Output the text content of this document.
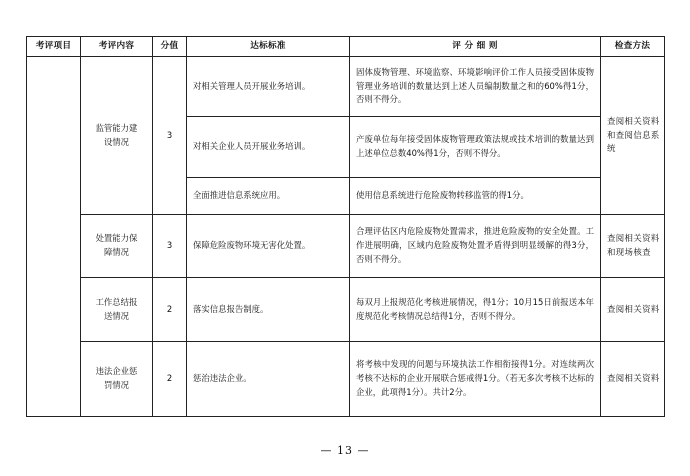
考评项目	考评内容	分值	达标标准	评 分 细 则	检查方法
	监管能力建设情况	3	对相关管理人员开展业务培训。	固体废物管理、环境监察、环境影响评价工作人员接受固体废物管理业务培训的数量达到上述人员编制数量之和的60%得1分，否则不得分。	查阅相关资料和查阅信息系统
			对相关企业人员开展业务培训。	产废单位每年接受固体废物管理政策法规或技术培训的数量达到上述单位总数40%得1分，否则不得分。	
			全面推进信息系统应用。	使用信息系统进行危险废物转移监管的得1分。	
	处置能力保障情况	3	保障危险废物环境无害化处置。	合理评估区内危险废物处置需求，推进危险废物的安全处置。工作进展明确，区域内危险废物处置矛盾得到明显缓解的得3分，否则不得分。	查阅相关资料和现场核查
	工作总结报送情况	2	落实信息报告制度。	每双月上报规范化考核进展情况，得1分；10月15日前报送本年度规范化考核情况总结得1分，否则不得分。	查阅相关资料
	违法企业惩罚情况	2	惩治违法企业。	将考核中发现的问题与环境执法工作相衔接得1分。对连续两次考核不达标的企业开展联合惩戒得1分。（若无多次考核不达标的企业，此项得1分）。共计2分。	查阅相关资料
— 13 —
